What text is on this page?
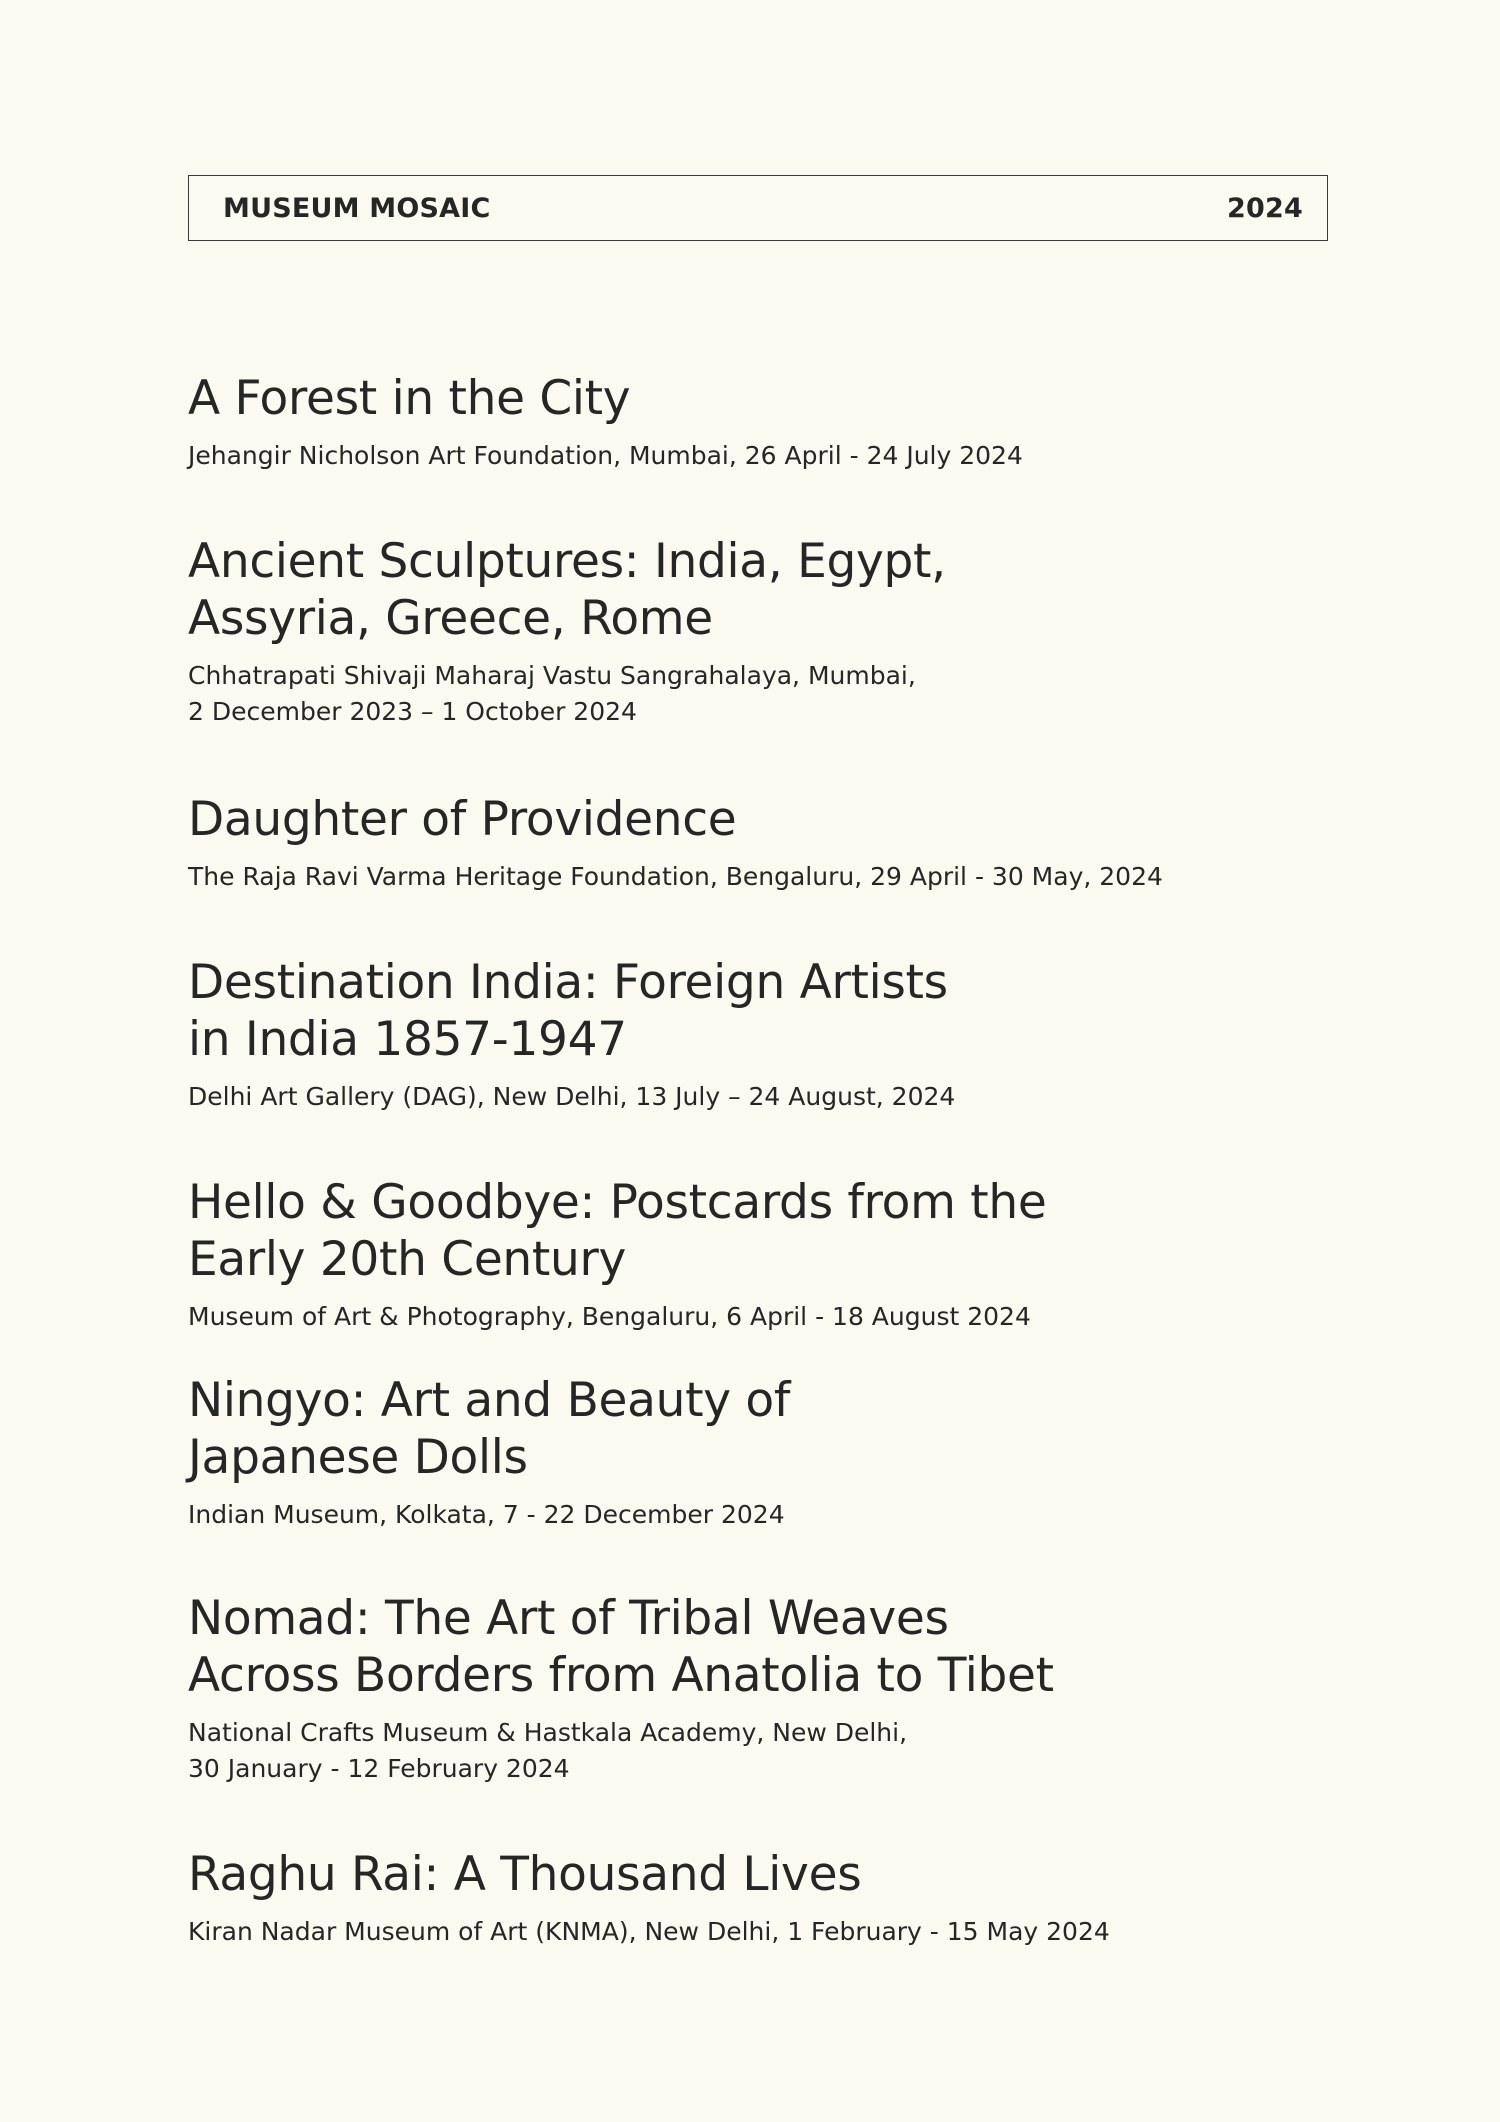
MUSEUM MOSAIC	2024
A Forest in the City

Jehangir Nicholson Art Foundation, Mumbai, 26 April - 24 July 2024

Ancient Sculptures: India, Egypt,
Assyria, Greece, Rome

Chhatrapati Shivaji Maharaj Vastu Sangrahalaya, Mumbai,
2 December 2023 – 1 October 2024

Daughter of Providence

The Raja Ravi Varma Heritage Foundation, Bengaluru, 29 April - 30 May, 2024

Destination India: Foreign Artists
in India 1857-1947

Delhi Art Gallery (DAG), New Delhi, 13 July – 24 August, 2024

Hello & Goodbye: Postcards from the
Early 20th Century

Museum of Art & Photography, Bengaluru, 6 April - 18 August 2024

Ningyo: Art and Beauty of
Japanese Dolls

Indian Museum, Kolkata, 7 - 22 December 2024

Nomad: The Art of Tribal Weaves
Across Borders from Anatolia to Tibet

National Crafts Museum & Hastkala Academy, New Delhi,
30 January - 12 February 2024

Raghu Rai: A Thousand Lives

Kiran Nadar Museum of Art (KNMA), New Delhi, 1 February - 15 May 2024
